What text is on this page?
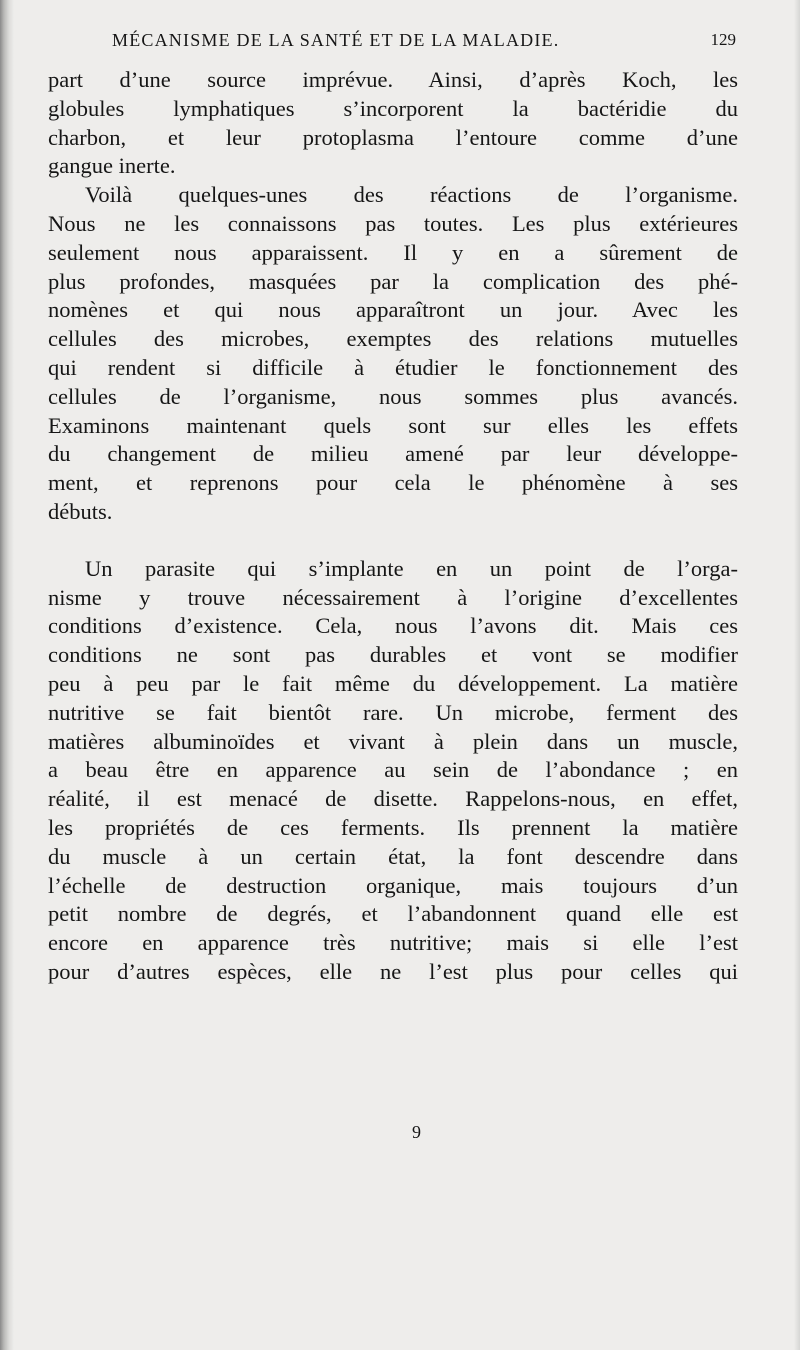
MÉCANISME DE LA SANTÉ ET DE LA MALADIE.	129

part d’une source imprévue. Ainsi, d’après Koch, les
globules lymphatiques s’incorporent la bactéridie du
charbon, et leur protoplasma l’entoure comme d’une
gangue inerte.

Voilà quelques-unes des réactions de l’organisme.
Nous ne les connaissons pas toutes. Les plus extérieures
seulement nous apparaissent. Il y en a sûrement de
plus profondes, masquées par la complication des phé-
nomènes et qui nous apparaîtront un jour. Avec les
cellules des microbes, exemptes des relations mutuelles
qui rendent si difficile à étudier le fonctionnement des
cellules de l’organisme, nous sommes plus avancés.
Examinons maintenant quels sont sur elles les effets
du changement de milieu amené par leur développe-
ment, et reprenons pour cela le phénomène à ses
débuts.

Un parasite qui s’implante en un point de l’orga-
nisme y trouve nécessairement à l’origine d’excellentes
conditions d’existence. Cela, nous l’avons dit. Mais ces
conditions ne sont pas durables et vont se modifier
peu à peu par le fait même du développement. La matière
nutritive se fait bientôt rare. Un microbe, ferment des
matières albuminoïdes et vivant à plein dans un muscle,
a beau être en apparence au sein de l’abondance ; en
réalité, il est menacé de disette. Rappelons-nous, en effet,
les propriétés de ces ferments. Ils prennent la matière
du muscle à un certain état, la font descendre dans
l’échelle de destruction organique, mais toujours d’un
petit nombre de degrés, et l’abandonnent quand elle est
encore en apparence très nutritive; mais si elle l’est
pour d’autres espèces, elle ne l’est plus pour celles qui

9
